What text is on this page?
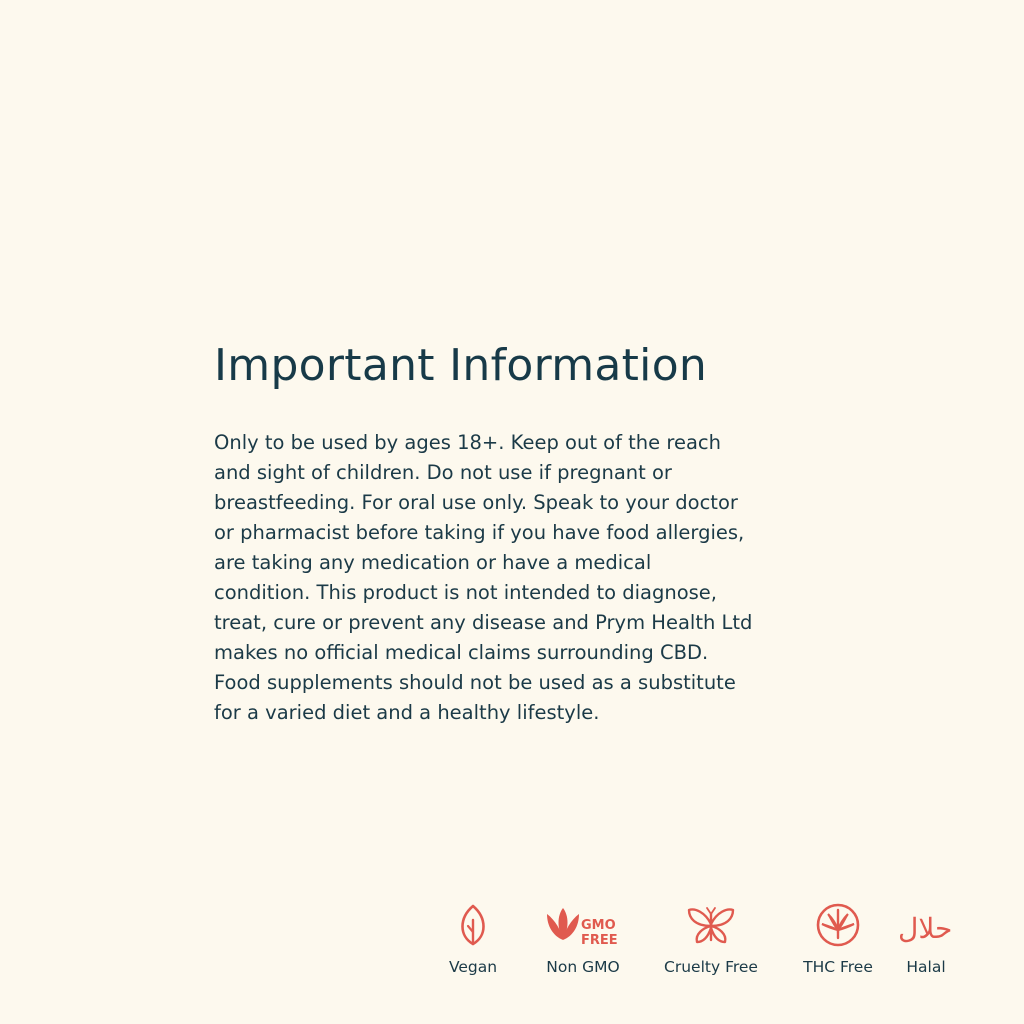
Important Information
Only to be used by ages 18+. Keep out of the reach
and sight of children. Do not use if pregnant or
breastfeeding. For oral use only. Speak to your doctor
or pharmacist before taking if you have food allergies,
are taking any medication or have a medical
condition. This product is not intended to diagnose,
treat, cure or prevent any disease and Prym Health Ltd
makes no official medical claims surrounding CBD.
Food supplements should not be used as a substitute
for a varied diet and a healthy lifestyle.
Vegan
GMO
FREE
Non GMO	Cruelty Free	THC Free
حلال
Halal
